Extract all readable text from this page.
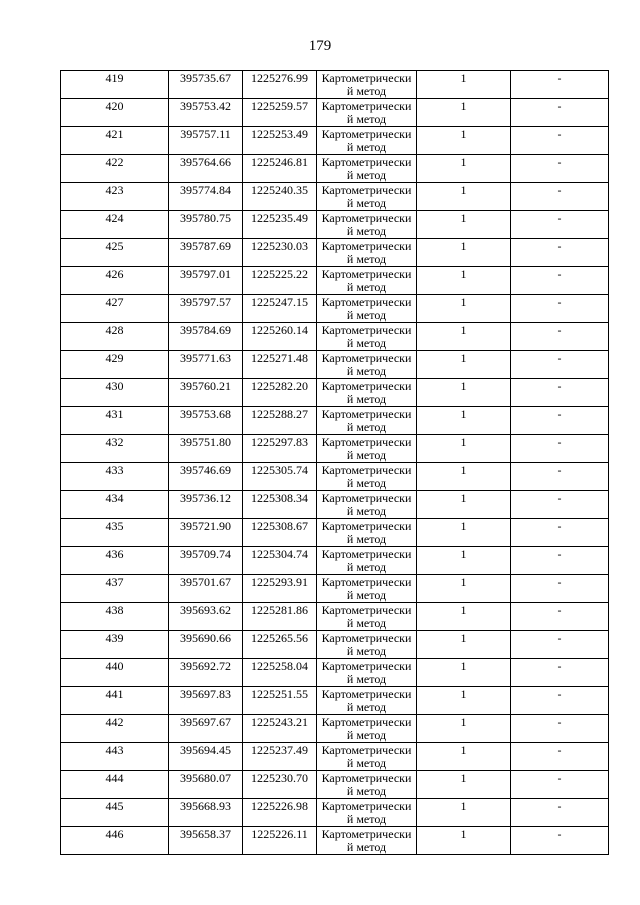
179
419	395735.67	1225276.99	Картометрически й метод	1	-

420	395753.42	1225259.57	Картометрически й метод	1	-

421	395757.11	1225253.49	Картометрически й метод	1	-

422	395764.66	1225246.81	Картометрически й метод	1	-

423	395774.84	1225240.35	Картометрически й метод	1	-

424	395780.75	1225235.49	Картометрически й метод	1	-

425	395787.69	1225230.03	Картометрически й метод	1	-

426	395797.01	1225225.22	Картометрически й метод	1	-

427	395797.57	1225247.15	Картометрически й метод	1	-

428	395784.69	1225260.14	Картометрически й метод	1	-

429	395771.63	1225271.48	Картометрически й метод	1	-

430	395760.21	1225282.20	Картометрически й метод	1	-

431	395753.68	1225288.27	Картометрически й метод	1	-

432	395751.80	1225297.83	Картометрически й метод	1	-

433	395746.69	1225305.74	Картометрически й метод	1	-

434	395736.12	1225308.34	Картометрически й метод	1	-

435	395721.90	1225308.67	Картометрически й метод	1	-

436	395709.74	1225304.74	Картометрически й метод	1	-

437	395701.67	1225293.91	Картометрически й метод	1	-

438	395693.62	1225281.86	Картометрически й метод	1	-

439	395690.66	1225265.56	Картометрически й метод	1	-

440	395692.72	1225258.04	Картометрически й метод	1	-

441	395697.83	1225251.55	Картометрически й метод	1	-

442	395697.67	1225243.21	Картометрически й метод	1	-

443	395694.45	1225237.49	Картометрически й метод	1	-

444	395680.07	1225230.70	Картометрически й метод	1	-

445	395668.93	1225226.98	Картометрически й метод	1	-

446	395658.37	1225226.11	Картометрически й метод	1	-
